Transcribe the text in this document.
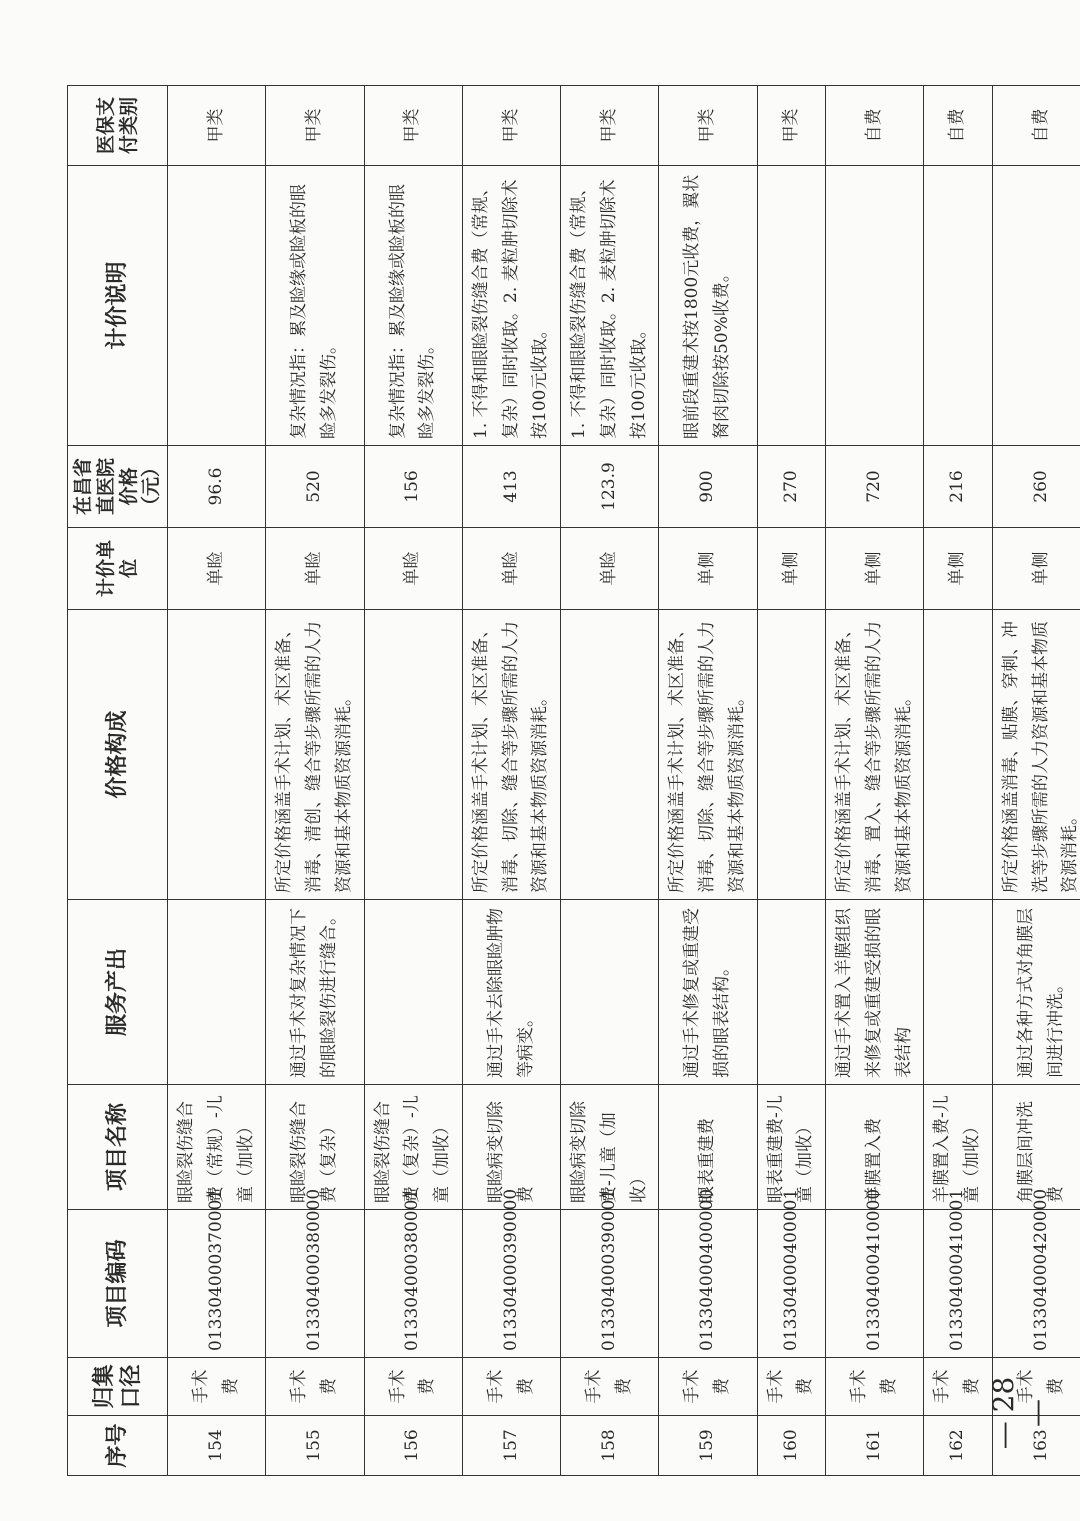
序号	归集口径	项目编码	项目名称	服务产出	价格构成	计价单位	在昌省直医院价格（元）	计价说明	医保支付类别
154	手术费	013304000370001	眼睑裂伤缝合费（常规）-儿童（加收）			单睑	96.6		甲类
155	手术费	013304000380000	眼睑裂伤缝合费（复杂）	通过手术对复杂情况下的眼睑裂伤进行缝合。	所定价格涵盖手术计划、术区准备、消毒、清创、缝合等步骤所需的人力资源和基本物质资源消耗。	单睑	520	复杂情况指：累及睑缘或睑板的眼睑多发裂伤。	甲类
156	手术费	013304000380001	眼睑裂伤缝合费（复杂）-儿童（加收）			单睑	156	复杂情况指：累及睑缘或睑板的眼睑多发裂伤。	甲类
157	手术费	013304000390000	眼睑病变切除费	通过手术去除眼睑肿物等病变。	所定价格涵盖手术计划、术区准备、消毒、切除、缝合等步骤所需的人力资源和基本物质资源消耗。	单睑	413	1. 不得和眼睑裂伤缝合费（常规、复杂）同时收取。2. 麦粒肿切除术按100元收取。	甲类
158	手术费	013304000390001	眼睑病变切除费-儿童（加收）			单睑	123.9	1. 不得和眼睑裂伤缝合费（常规、复杂）同时收取。2. 麦粒肿切除术按100元收取。	甲类
159	手术费	013304000400000	眼表重建费	通过手术修复或重建受损的眼表结构。	所定价格涵盖手术计划、术区准备、消毒、切除、缝合等步骤所需的人力资源和基本物质资源消耗。	单侧	900	眼前段重建术按1800元收费，翼状胬肉切除按50%收费。	甲类
160	手术费	013304000400001	眼表重建费-儿童（加收）			单侧	270		甲类
161	手术费	013304000410000	羊膜置入费	通过手术置入羊膜组织来修复或重建受损的眼表结构	所定价格涵盖手术计划、术区准备、消毒、置入、缝合等步骤所需的人力资源和基本物质资源消耗。	单侧	720		自费
162	手术费	013304000410001	羊膜置入费-儿童（加收）			单侧	216		自费
163	手术费	013304000420000	角膜层间冲洗费	通过各种方式对角膜层间进行冲洗。	所定价格涵盖消毒、贴膜、穿刺、冲洗等步骤所需的人力资源和基本物质资源消耗。	单侧	260		自费
— 28 —
